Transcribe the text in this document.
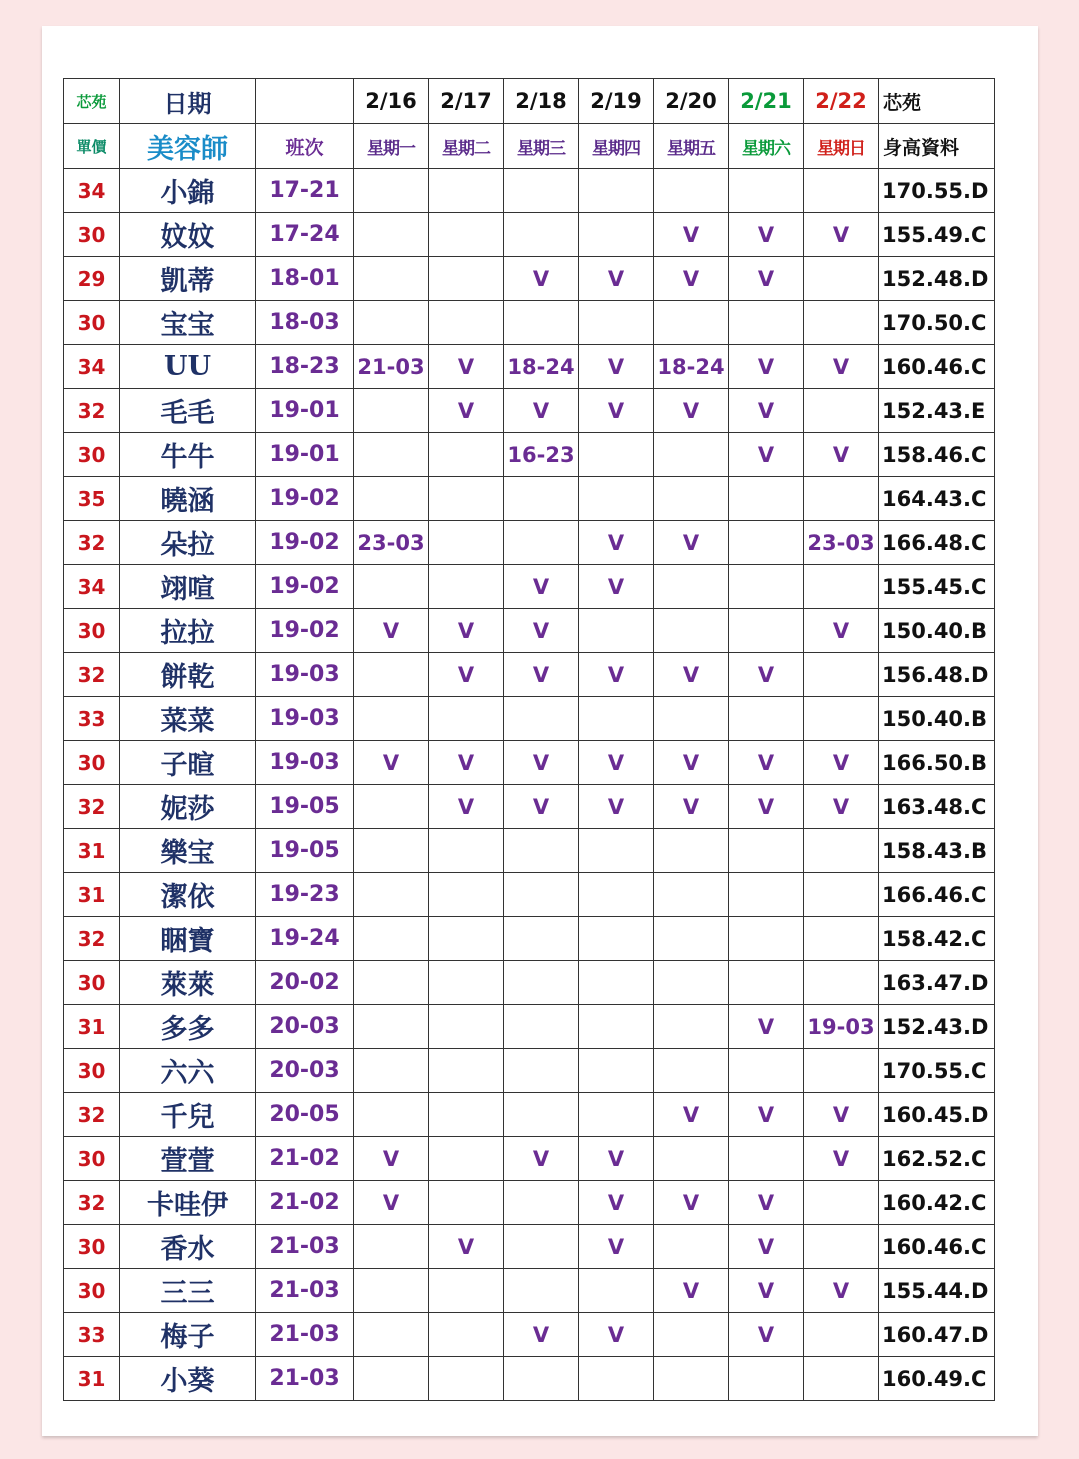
芯苑	日期		2/16	2/17	2/18	2/19	2/20	2/21	2/22	芯苑
單價	美容師	班次	星期一	星期二	星期三	星期四	星期五	星期六	星期日	身高資料
34	小錦	17-21								170.55.D
30	妏妏	17-24					V	V	V	155.49.C
29	凱蒂	18-01			V	V	V	V		152.48.D
30	宝宝	18-03								170.50.C
34	UU	18-23	21-03	V	18-24	V	18-24	V	V	160.46.C
32	毛毛	19-01		V	V	V	V	V		152.43.E
30	牛牛	19-01			16-23			V	V	158.46.C
35	曉涵	19-02								164.43.C
32	朵拉	19-02	23-03			V	V		23-03	166.48.C
34	翊喧	19-02			V	V				155.45.C
30	拉拉	19-02	V	V	V				V	150.40.B
32	餅乾	19-03		V	V	V	V	V		156.48.D
33	菜菜	19-03								150.40.B
30	子暄	19-03	V	V	V	V	V	V	V	166.50.B
32	妮莎	19-05		V	V	V	V	V	V	163.48.C
31	樂宝	19-05								158.43.B
31	潔依	19-23								166.46.C
32	睏寶	19-24								158.42.C
30	萊萊	20-02								163.47.D
31	多多	20-03						V	19-03	152.43.D
30	六六	20-03								170.55.C
32	千兒	20-05					V	V	V	160.45.D
30	萱萱	21-02	V		V	V			V	162.52.C
32	卡哇伊	21-02	V			V	V	V		160.42.C
30	香水	21-03		V		V		V		160.46.C
30	三三	21-03					V	V	V	155.44.D
33	梅子	21-03			V	V		V		160.47.D
31	小葵	21-03								160.49.C
